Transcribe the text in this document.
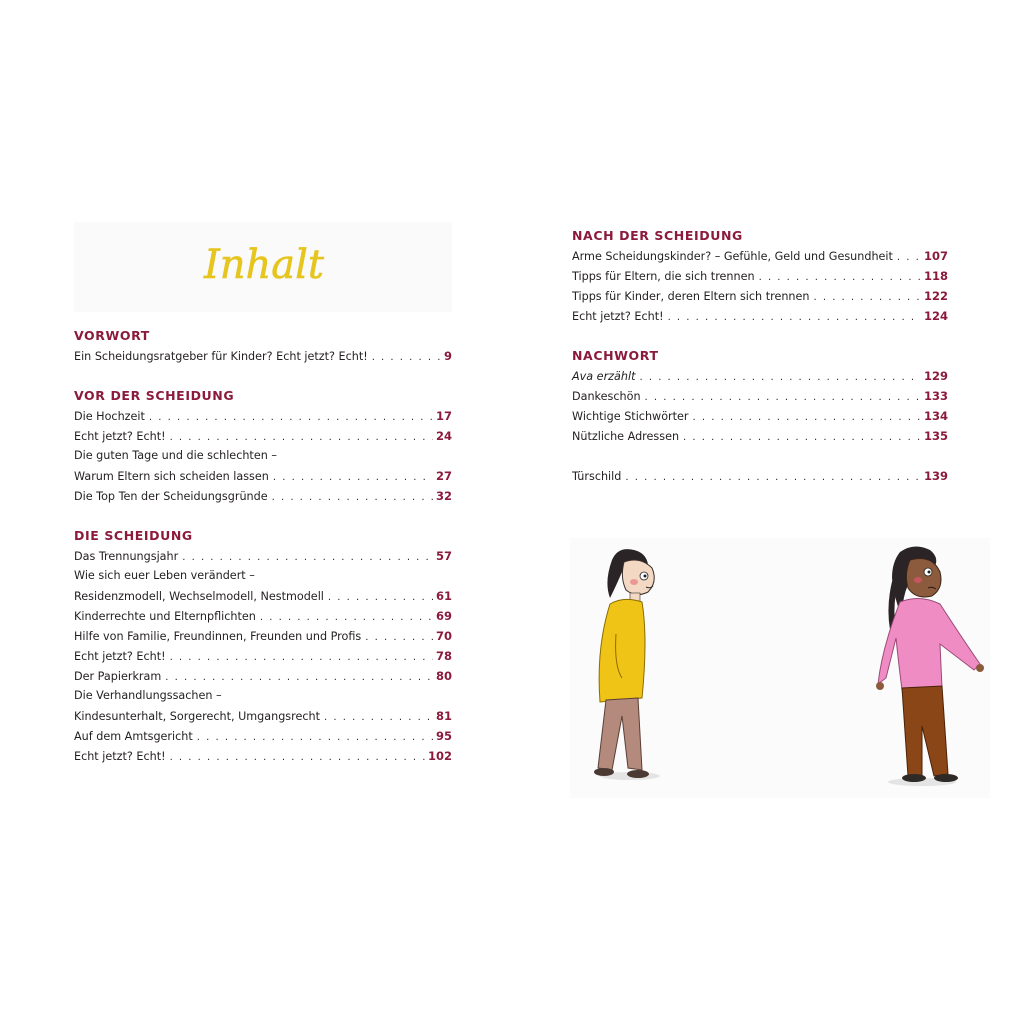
Inhalt
VORWORT
Ein Scheidungsratgeber für Kinder? Echt jetzt? Echt! . . .	9
VOR DER SCHEIDUNG
Die Hochzeit . . .	17
Echt jetzt? Echt! . . .	24
Die guten Tage und die schlechten –
Warum Eltern sich scheiden lassen . . .	27
Die Top Ten der Scheidungsgründe . . .	32
DIE SCHEIDUNG
Das Trennungsjahr . . .	57
Wie sich euer Leben verändert –
Residenzmodell, Wechselmodell, Nestmodell . . .	61
Kinderrechte und Elternpflichten . . .	69
Hilfe von Familie, Freundinnen, Freunden und Profis . . .	70
Echt jetzt? Echt! . . .	78
Der Papierkram . . .	80
Die Verhandlungssachen –
Kindesunterhalt, Sorgerecht, Umgangsrecht . . .	81
Auf dem Amtsgericht . . .	95
Echt jetzt? Echt! . . .	102
NACH DER SCHEIDUNG
Arme Scheidungskinder? – Gefühle, Geld und Gesundheit . . .	107
Tipps für Eltern, die sich trennen . . .	118
Tipps für Kinder, deren Eltern sich trennen . . .	122
Echt jetzt? Echt! . . .	124
NACHWORT
Ava erzählt . . .	129
Dankeschön . . .	133
Wichtige Stichwörter . . .	134
Nützliche Adressen . . .	135
Türschild . . .	139
